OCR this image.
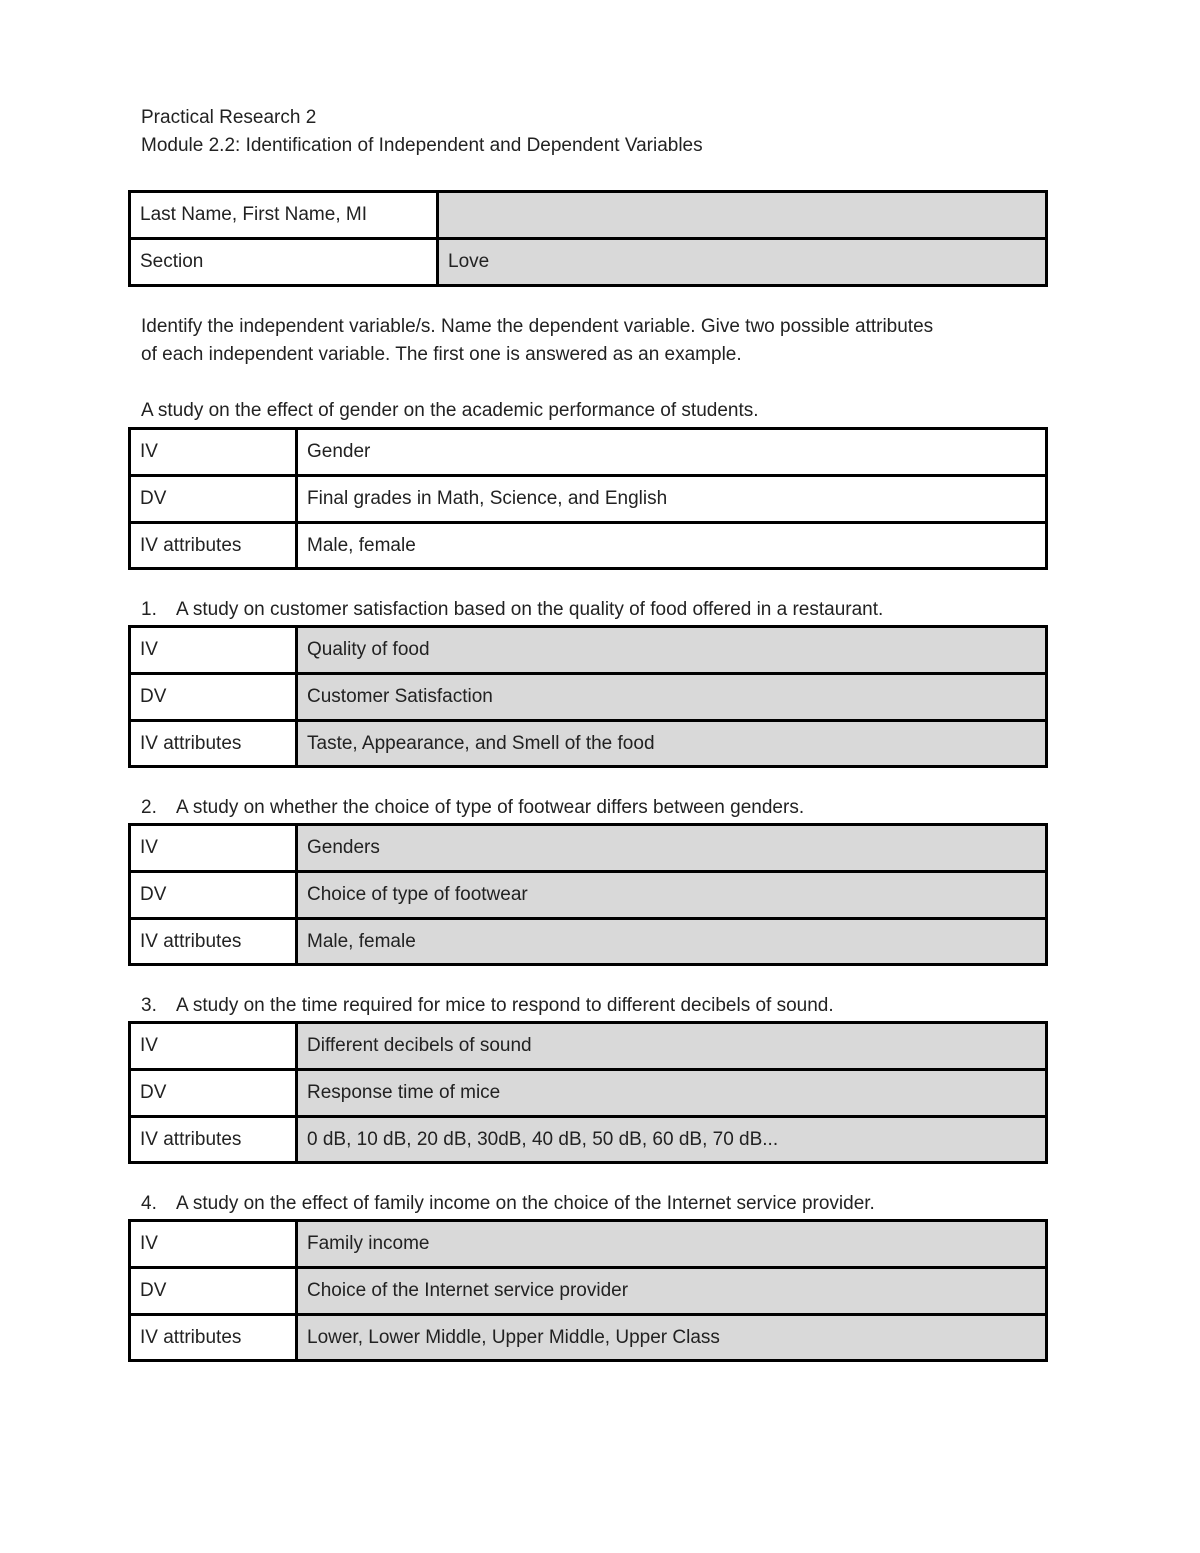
Practical Research 2
Module 2.2: Identification of Independent and Dependent Variables
Last Name, First Name, MI
Section	Love
Identify the independent variable/s. Name the dependent variable. Give two possible attributes
of each independent variable. The first one is answered as an example.
A study on the effect of gender on the academic performance of students.
IV	Gender
DV	Final grades in Math, Science, and English
IV attributes	Male, female
1. A study on customer satisfaction based on the quality of food offered in a restaurant.
IV	Quality of food
DV	Customer Satisfaction
IV attributes	Taste, Appearance, and Smell of the food
2. A study on whether the choice of type of footwear differs between genders.
IV	Genders
DV	Choice of type of footwear
IV attributes	Male, female
3. A study on the time required for mice to respond to different decibels of sound.
IV	Different decibels of sound
DV	Response time of mice
IV attributes	0 dB, 10 dB, 20 dB, 30dB, 40 dB, 50 dB, 60 dB, 70 dB...
4. A study on the effect of family income on the choice of the Internet service provider.
IV	Family income
DV	Choice of the Internet service provider
IV attributes	Lower, Lower Middle, Upper Middle, Upper Class
